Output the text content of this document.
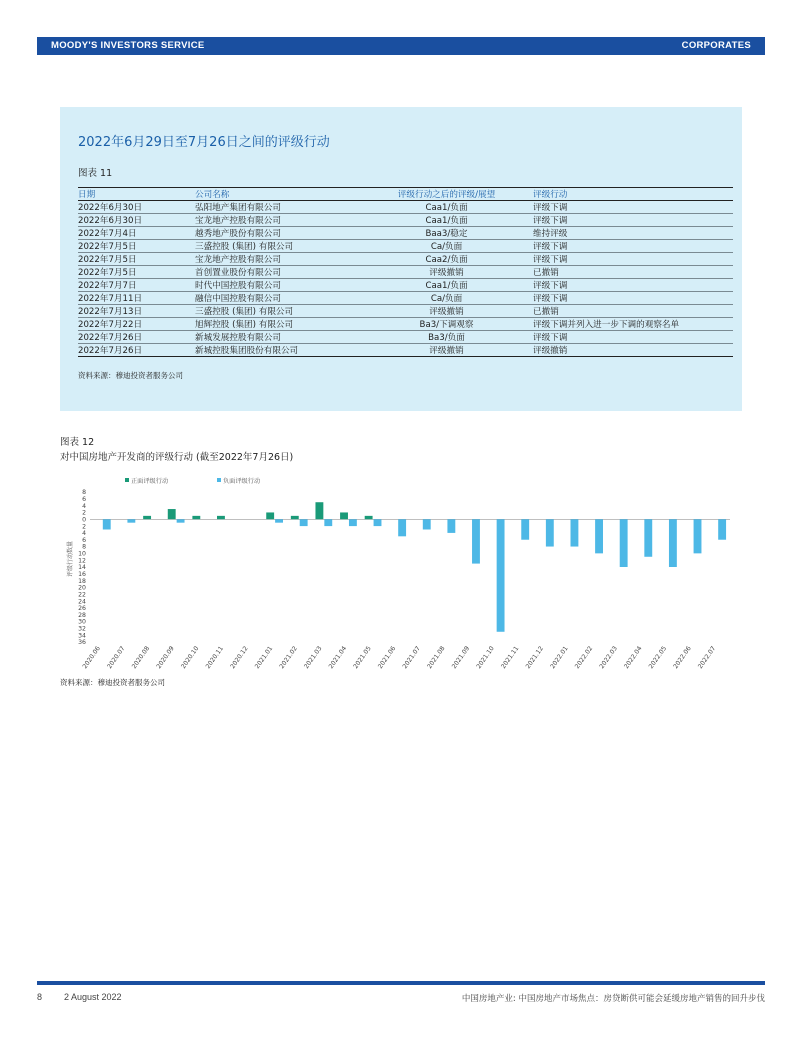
MOODY'S INVESTORS SERVICE	CORPORATES
2022年6月29日至7月26日之间的评级行动
图表 11
日期	公司名称	评级行动之后的评级/展望		评级行动
2022年6月30日	弘阳地产集团有限公司	Caa1/负面		评级下调
2022年6月30日	宝龙地产控股有限公司	Caa1/负面		评级下调
2022年7月4日	越秀地产股份有限公司	Baa3/稳定		维持评级
2022年7月5日	三盛控股 (集团) 有限公司	Ca/负面		评级下调
2022年7月5日	宝龙地产控股有限公司	Caa2/负面		评级下调
2022年7月5日	首创置业股份有限公司	评级撤销		已撤销
2022年7月7日	时代中国控股有限公司	Caa1/负面		评级下调
2022年7月11日	融信中国控股有限公司	Ca/负面		评级下调
2022年7月13日	三盛控股 (集团) 有限公司	评级撤销		已撤销
2022年7月22日	旭辉控股 (集团) 有限公司	Ba3/下调观察		评级下调并列入进一步下调的观察名单
2022年7月26日	新城发展控股有限公司	Ba3/负面		评级下调
2022年7月26日	新城控股集团股份有限公司	评级撤销		评级撤销
资料来源：穆迪投资者服务公司
图表 12
对中国房地产开发商的评级行动 (截至2022年7月26日)
正面评级行动	负面评级行动
8
6
4
2
0
2
4
6
8
10
12
14
16
18
20
22
24
26
28
30
32
34
36
评级行动数量
2020.06 2020.07 2020.08 2020.09 2020.10 2020.11 2020.12 2021.01 2021.02 2021.03 2021.04 2021.05 2021.06 2021.07 2021.08 2021.09 2021.10 2021.11 2021.12 2022.01 2022.02 2022.03 2022.04 2022.05 2022.06 2022.07
资料来源：穆迪投资者服务公司
8 2 August 2022	中国房地产业: 中国房地产市场焦点：房贷断供可能会延缓房地产销售的回升步伐
